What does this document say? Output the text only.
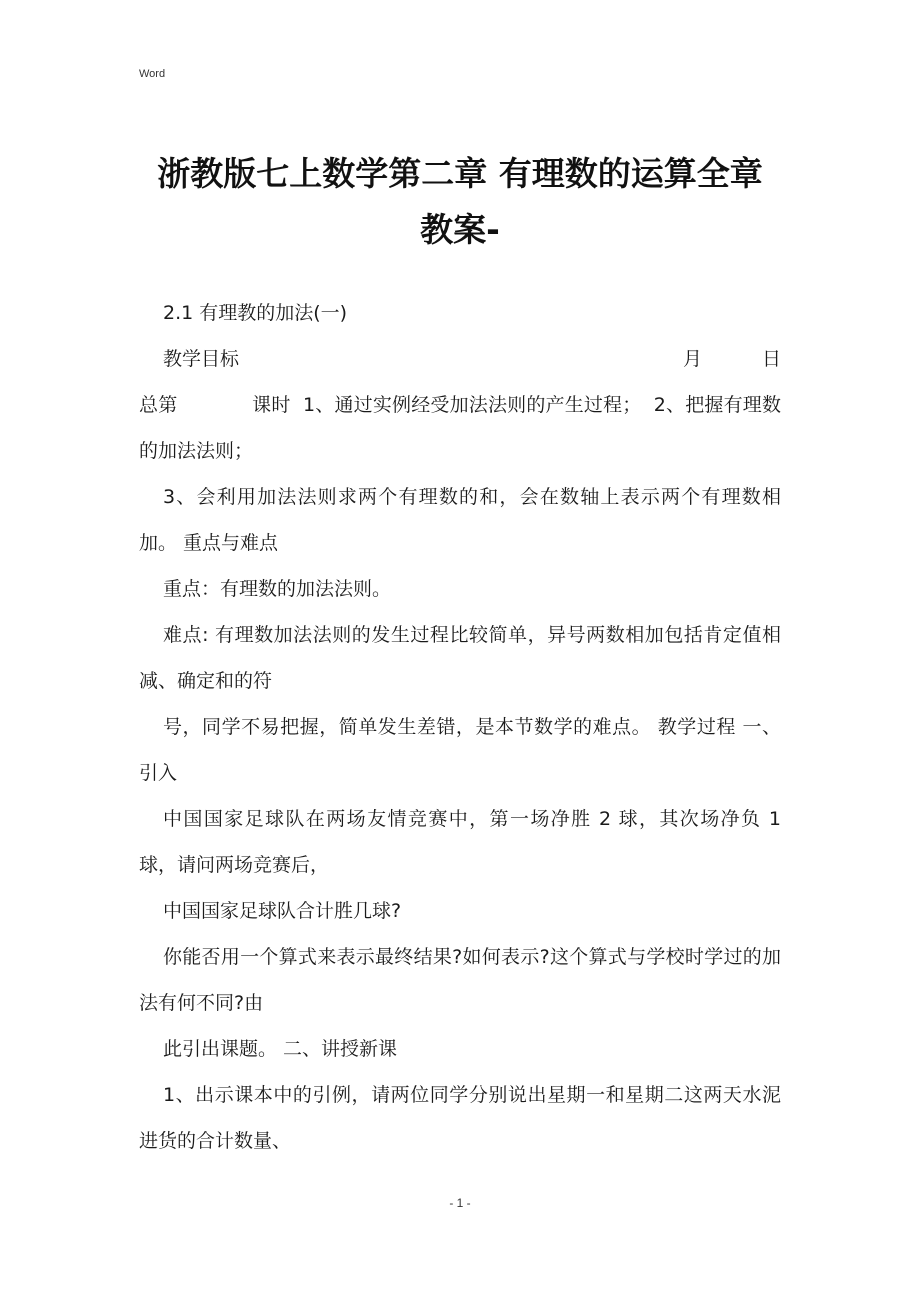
Word
浙教版七上数学第二章 有理数的运算全章
教案-

2.1 有理教的加法(一)

教学目标	月	日

总第            课时  1、通过实例经受加法法则的产生过程；  2、把握有理数的加法法则；

3、会利用加法法则求两个有理数的和，会在数轴上表示两个有理数相加。 重点与难点

重点：有理数的加法法则。

难点: 有理数加法法则的发生过程比较简单，异号两数相加包括肯定值相减、确定和的符

号，同学不易把握，简单发生差错，是本节数学的难点。 教学过程 一、引入

中国国家足球队在两场友情竞赛中，第一场净胜 2 球，其次场净负 1 球，请问两场竞赛后，

中国国家足球队合计胜几球?

你能否用一个算式来表示最终结果?如何表示?这个算式与学校时学过的加法有何不同?由

此引出课题。 二、讲授新课

1、出示课本中的引例，请两位同学分别说出星期一和星期二这两天水泥进货的合计数量、

- 1 -
